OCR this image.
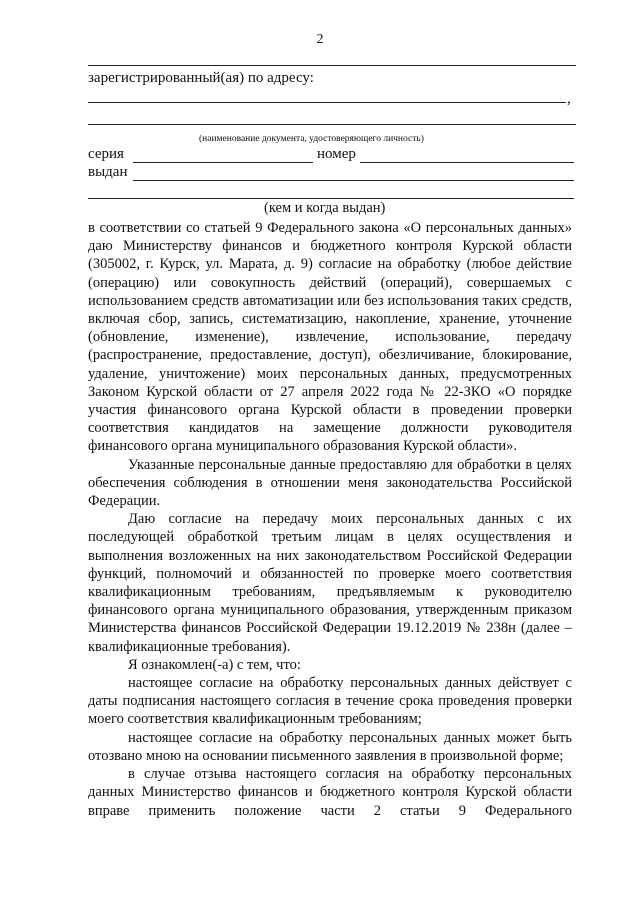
2
зарегистрированный(ая) по адресу:
,
(наименование документа, удостоверяющего личность)
серия	номер
выдан
(кем и когда выдан)

в соответствии со статьей 9 Федерального закона «О персональных данных» даю Министерству финансов и бюджетного контроля Курской области (305002, г. Курск, ул. Марата, д. 9) согласие на обработку (любое действие (операцию) или совокупность действий (операций), совершаемых с использованием средств автоматизации или без использования таких средств, включая сбор, запись, систематизацию, накопление, хранение, уточнение (обновление, изменение), извлечение, использование, передачу (распространение, предоставление, доступ), обезличивание, блокирование, удаление, уничтожение) моих персональных данных, предусмотренных Законом Курской области от 27 апреля 2022 года № 22-ЗКО «О порядке участия финансового органа Курской области в проведении проверки соответствия кандидатов на замещение должности руководителя финансового органа муниципального образования Курской области».

Указанные персональные данные предоставляю для обработки в целях обеспечения соблюдения в отношении меня законодательства Российской Федерации.

Даю согласие на передачу моих персональных данных с их последующей обработкой третьим лицам в целях осуществления и выполнения возложенных на них законодательством Российской Федерации функций, полномочий и обязанностей по проверке моего соответствия квалификационным требованиям, предъявляемым к руководителю финансового органа муниципального образования, утвержденным приказом Министерства финансов Российской Федерации 19.12.2019 № 238н (далее – квалификационные требования).

Я ознакомлен(-а) с тем, что:

настоящее согласие на обработку персональных данных действует с даты подписания настоящего согласия в течение срока проведения проверки моего соответствия квалификационным требованиям;

настоящее согласие на обработку персональных данных может быть отозвано мною на основании письменного заявления в произвольной форме;

в случае отзыва настоящего согласия на обработку персональных данных Министерство финансов и бюджетного контроля Курской области вправе применить положение части 2 статьи 9 Федерального
